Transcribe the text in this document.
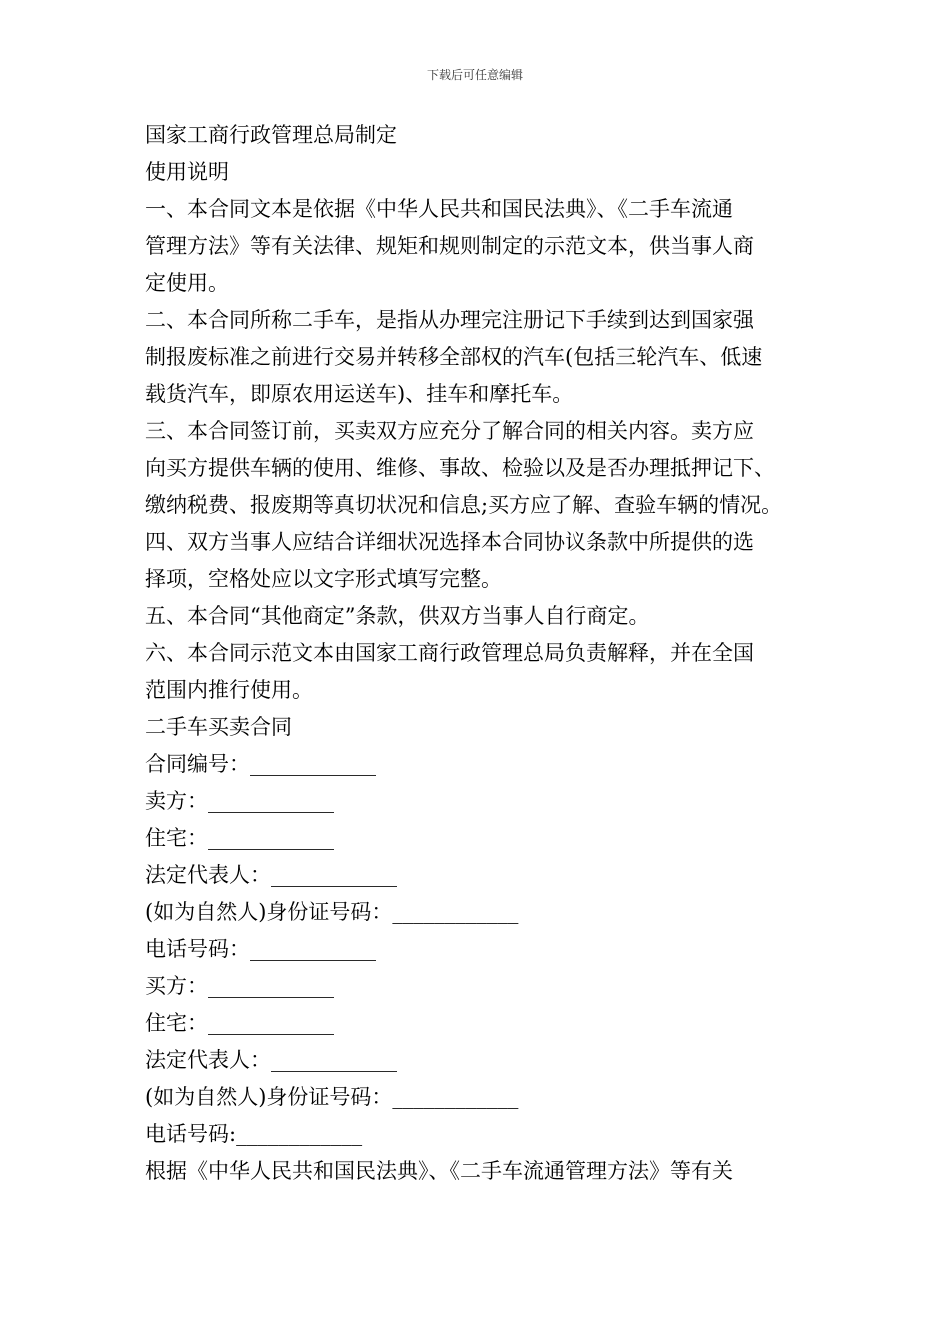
下载后可任意编辑
国家工商行政管理总局制定
使用说明
一、本合同文本是依据《中华人民共和国民法典》、《二手车流通
管理方法》等有关法律、规矩和规则制定的示范文本，供当事人商
定使用。
二、本合同所称二手车，是指从办理完注册记下手续到达到国家强
制报废标准之前进行交易并转移全部权的汽车(包括三轮汽车、低速
载货汽车，即原农用运送车)、挂车和摩托车。
三、本合同签订前，买卖双方应充分了解合同的相关内容。卖方应
向买方提供车辆的使用、维修、事故、检验以及是否办理抵押记下、
缴纳税费、报废期等真切状况和信息;买方应了解、查验车辆的情况。
四、双方当事人应结合详细状况选择本合同协议条款中所提供的选
择项，空格处应以文字形式填写完整。
五、本合同“其他商定”条款，供双方当事人自行商定。
六、本合同示范文本由国家工商行政管理总局负责解释，并在全国
范围内推行使用。
二手车买卖合同
合同编号：____________
卖方：____________
住宅：____________
法定代表人：____________
(如为自然人)身份证号码：____________
电话号码：____________
买方：____________
住宅：____________
法定代表人：____________
(如为自然人)身份证号码：____________
电话号码:____________
根据《中华人民共和国民法典》、《二手车流通管理方法》等有关
